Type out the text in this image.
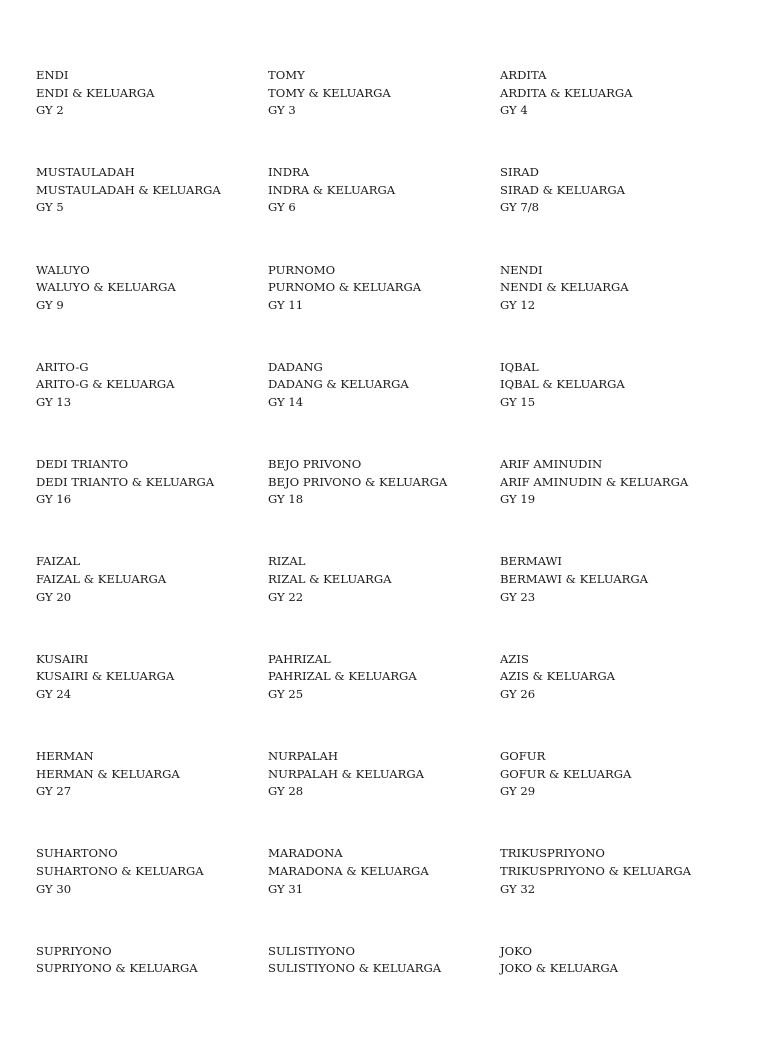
ENDI
ENDI & KELUARGA
GY 2
TOMY
TOMY & KELUARGA
GY 3
ARDITA
ARDITA & KELUARGA
GY 4
MUSTAULADAH
MUSTAULADAH & KELUARGA
GY 5
INDRA
INDRA & KELUARGA
GY 6
SIRAD
SIRAD & KELUARGA
GY 7/8
WALUYO
WALUYO & KELUARGA
GY 9
PURNOMO
PURNOMO & KELUARGA
GY 11
NENDI
NENDI & KELUARGA
GY 12
ARITO-G
ARITO-G & KELUARGA
GY 13
DADANG
DADANG & KELUARGA
GY 14
IQBAL
IQBAL & KELUARGA
GY 15
DEDI TRIANTO
DEDI TRIANTO & KELUARGA
GY 16
BEJO PRIVONO
BEJO PRIVONO & KELUARGA
GY 18
ARIF AMINUDIN
ARIF AMINUDIN & KELUARGA
GY 19
FAIZAL
FAIZAL & KELUARGA
GY 20
RIZAL
RIZAL & KELUARGA
GY 22
BERMAWI
BERMAWI & KELUARGA
GY 23
KUSAIRI
KUSAIRI & KELUARGA
GY 24
PAHRIZAL
PAHRIZAL & KELUARGA
GY 25
AZIS
AZIS & KELUARGA
GY 26
HERMAN
HERMAN & KELUARGA
GY 27
NURPALAH
NURPALAH & KELUARGA
GY 28
GOFUR
GOFUR & KELUARGA
GY 29
SUHARTONO
SUHARTONO & KELUARGA
GY 30
MARADONA
MARADONA & KELUARGA
GY 31
TRIKUSPRIYONO
TRIKUSPRIYONO & KELUARGA
GY 32
SUPRIYONO
SUPRIYONO & KELUARGA
SULISTIYONO
SULISTIYONO & KELUARGA
JOKO
JOKO & KELUARGA
